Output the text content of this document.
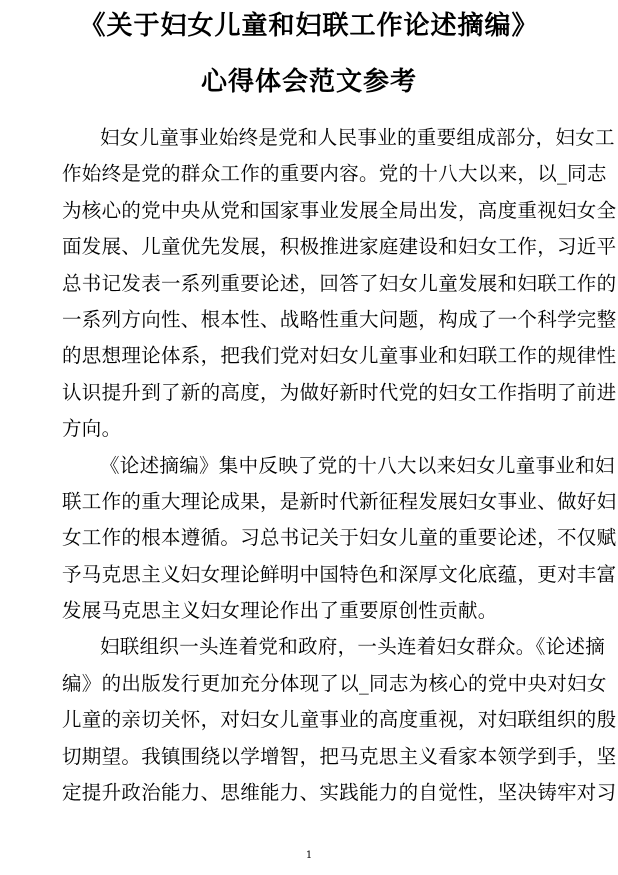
《关于妇女儿童和妇联工作论述摘编》
心得体会范文参考
妇女儿童事业始终是党和人民事业的重要组成部分，妇女工
作始终是党的群众工作的重要内容。党的十八大以来，以_同志
为核心的党中央从党和国家事业发展全局出发，高度重视妇女全
面发展、儿童优先发展，积极推进家庭建设和妇女工作，习近平
总书记发表一系列重要论述，回答了妇女儿童发展和妇联工作的
一系列方向性、根本性、战略性重大问题，构成了一个科学完整
的思想理论体系，把我们党对妇女儿童事业和妇联工作的规律性
认识提升到了新的高度，为做好新时代党的妇女工作指明了前进
方向。
《论述摘编》集中反映了党的十八大以来妇女儿童事业和妇
联工作的重大理论成果，是新时代新征程发展妇女事业、做好妇
女工作的根本遵循。习总书记关于妇女儿童的重要论述，不仅赋
予马克思主义妇女理论鲜明中国特色和深厚文化底蕴，更对丰富
发展马克思主义妇女理论作出了重要原创性贡献。
妇联组织一头连着党和政府，一头连着妇女群众。《论述摘
编》的出版发行更加充分体现了以_同志为核心的党中央对妇女
儿童的亲切关怀，对妇女儿童事业的高度重视，对妇联组织的殷
切期望。我镇围绕以学增智，把马克思主义看家本领学到手，坚
定提升政治能力、思维能力、实践能力的自觉性，坚决铸牢对习
1
